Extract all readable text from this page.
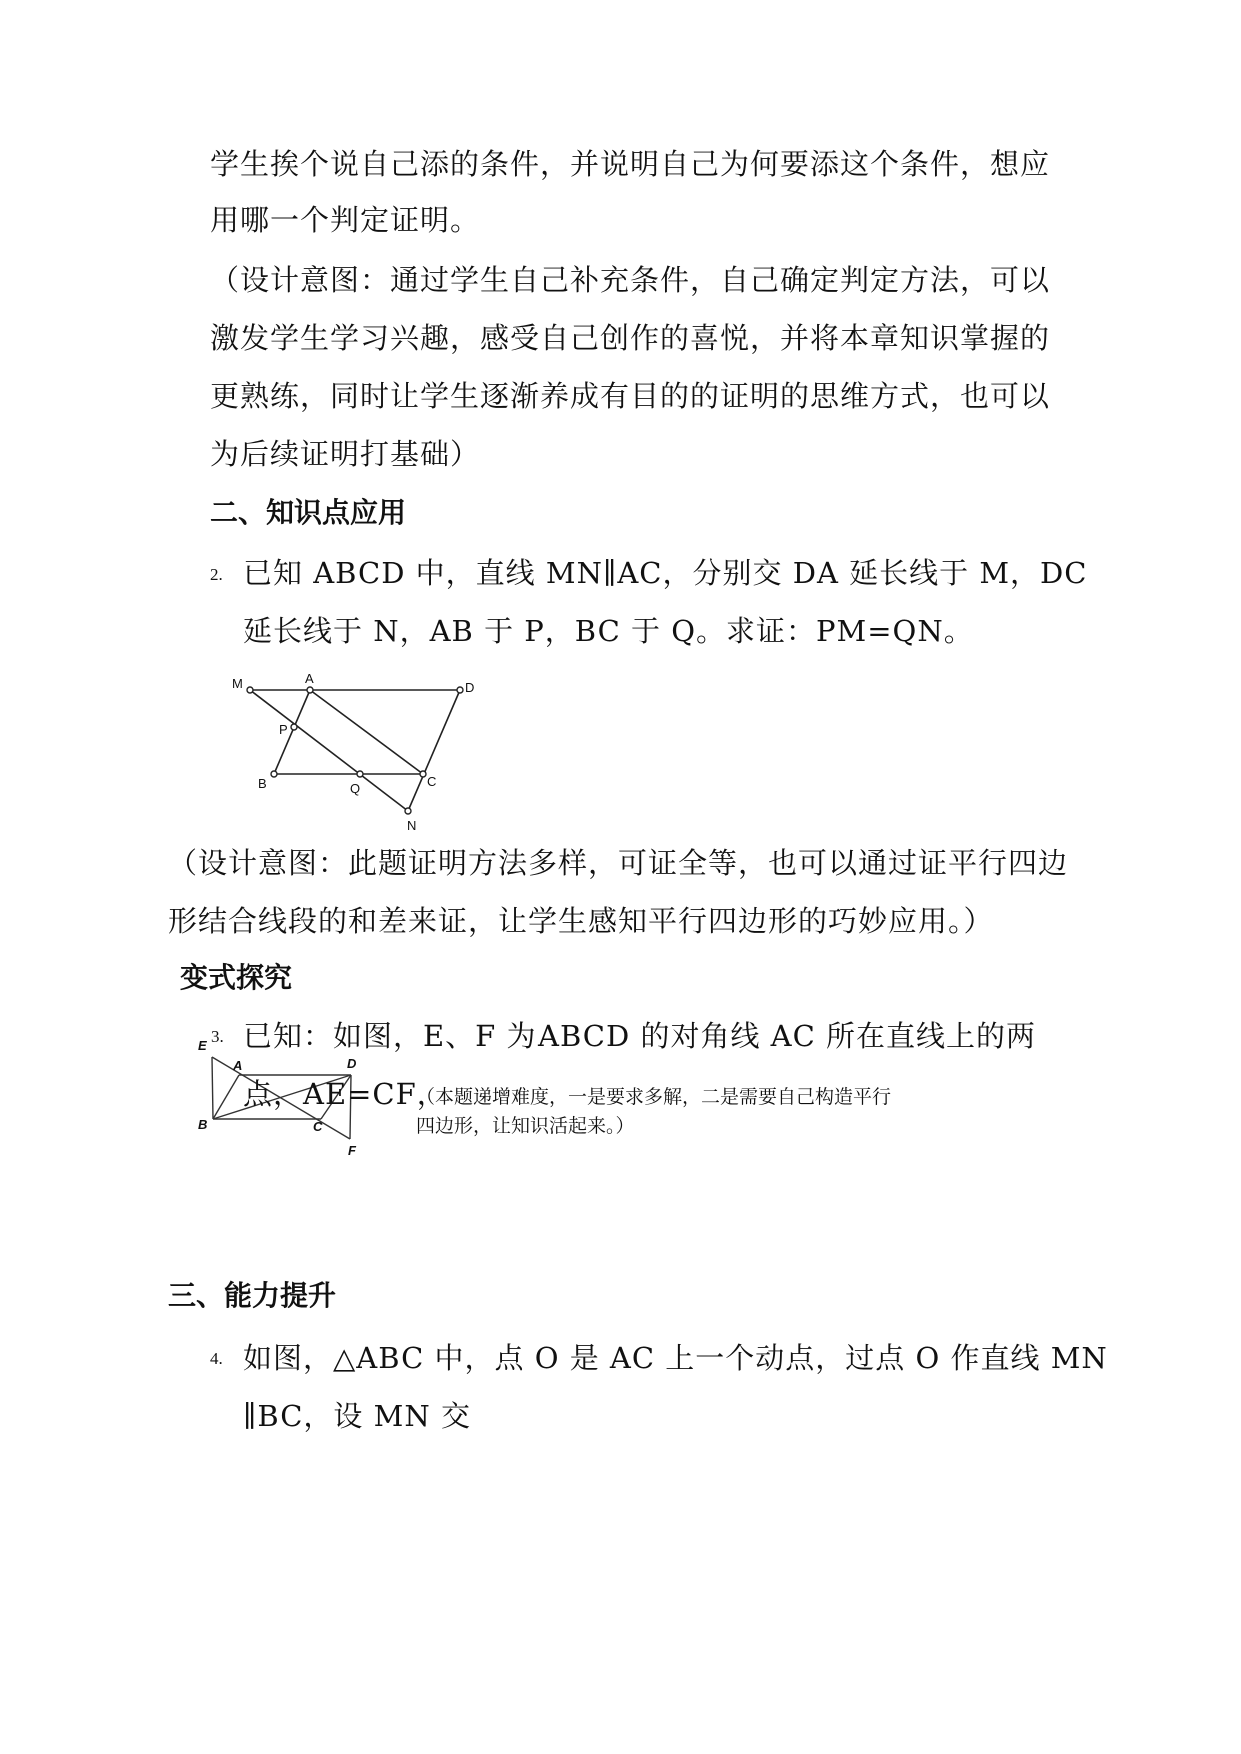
学生挨个说自己添的条件，并说明自己为何要添这个条件，想应
用哪一个判定证明。
（设计意图：通过学生自己补充条件，自己确定判定方法，可以
激发学生学习兴趣，感受自己创作的喜悦，并将本章知识掌握的
更熟练，同时让学生逐渐养成有目的的证明的思维方式，也可以
为后续证明打基础）
二、知识点应用
2. 已知 ABCD 中，直线 MN∥AC，分别交 DA 延长线于 M，DC
延长线于 N，AB 于 P，BC 于 Q。求证：PM=QN。
M	A
D
P
B	Q	C
N
（设计意图：此题证明方法多样，可证全等，也可以通过证平行四边
形结合线段的和差来证，让学生感知平行四边形的巧妙应用。）
变式探究
3. 已知：如图，E、F 为 ABCD 的对角线 AC 所在直线上的两
E
A	D
B	C
F
点，AE=CF，
（本题递增难度，一是要求多解，二是需要自己构造平行
四边形，让知识活起来。）
三、能力提升
4. 如图，△ABC 中，点 O 是 AC 上一个动点，过点 O 作直线 MN
∥BC，设 MN 交
